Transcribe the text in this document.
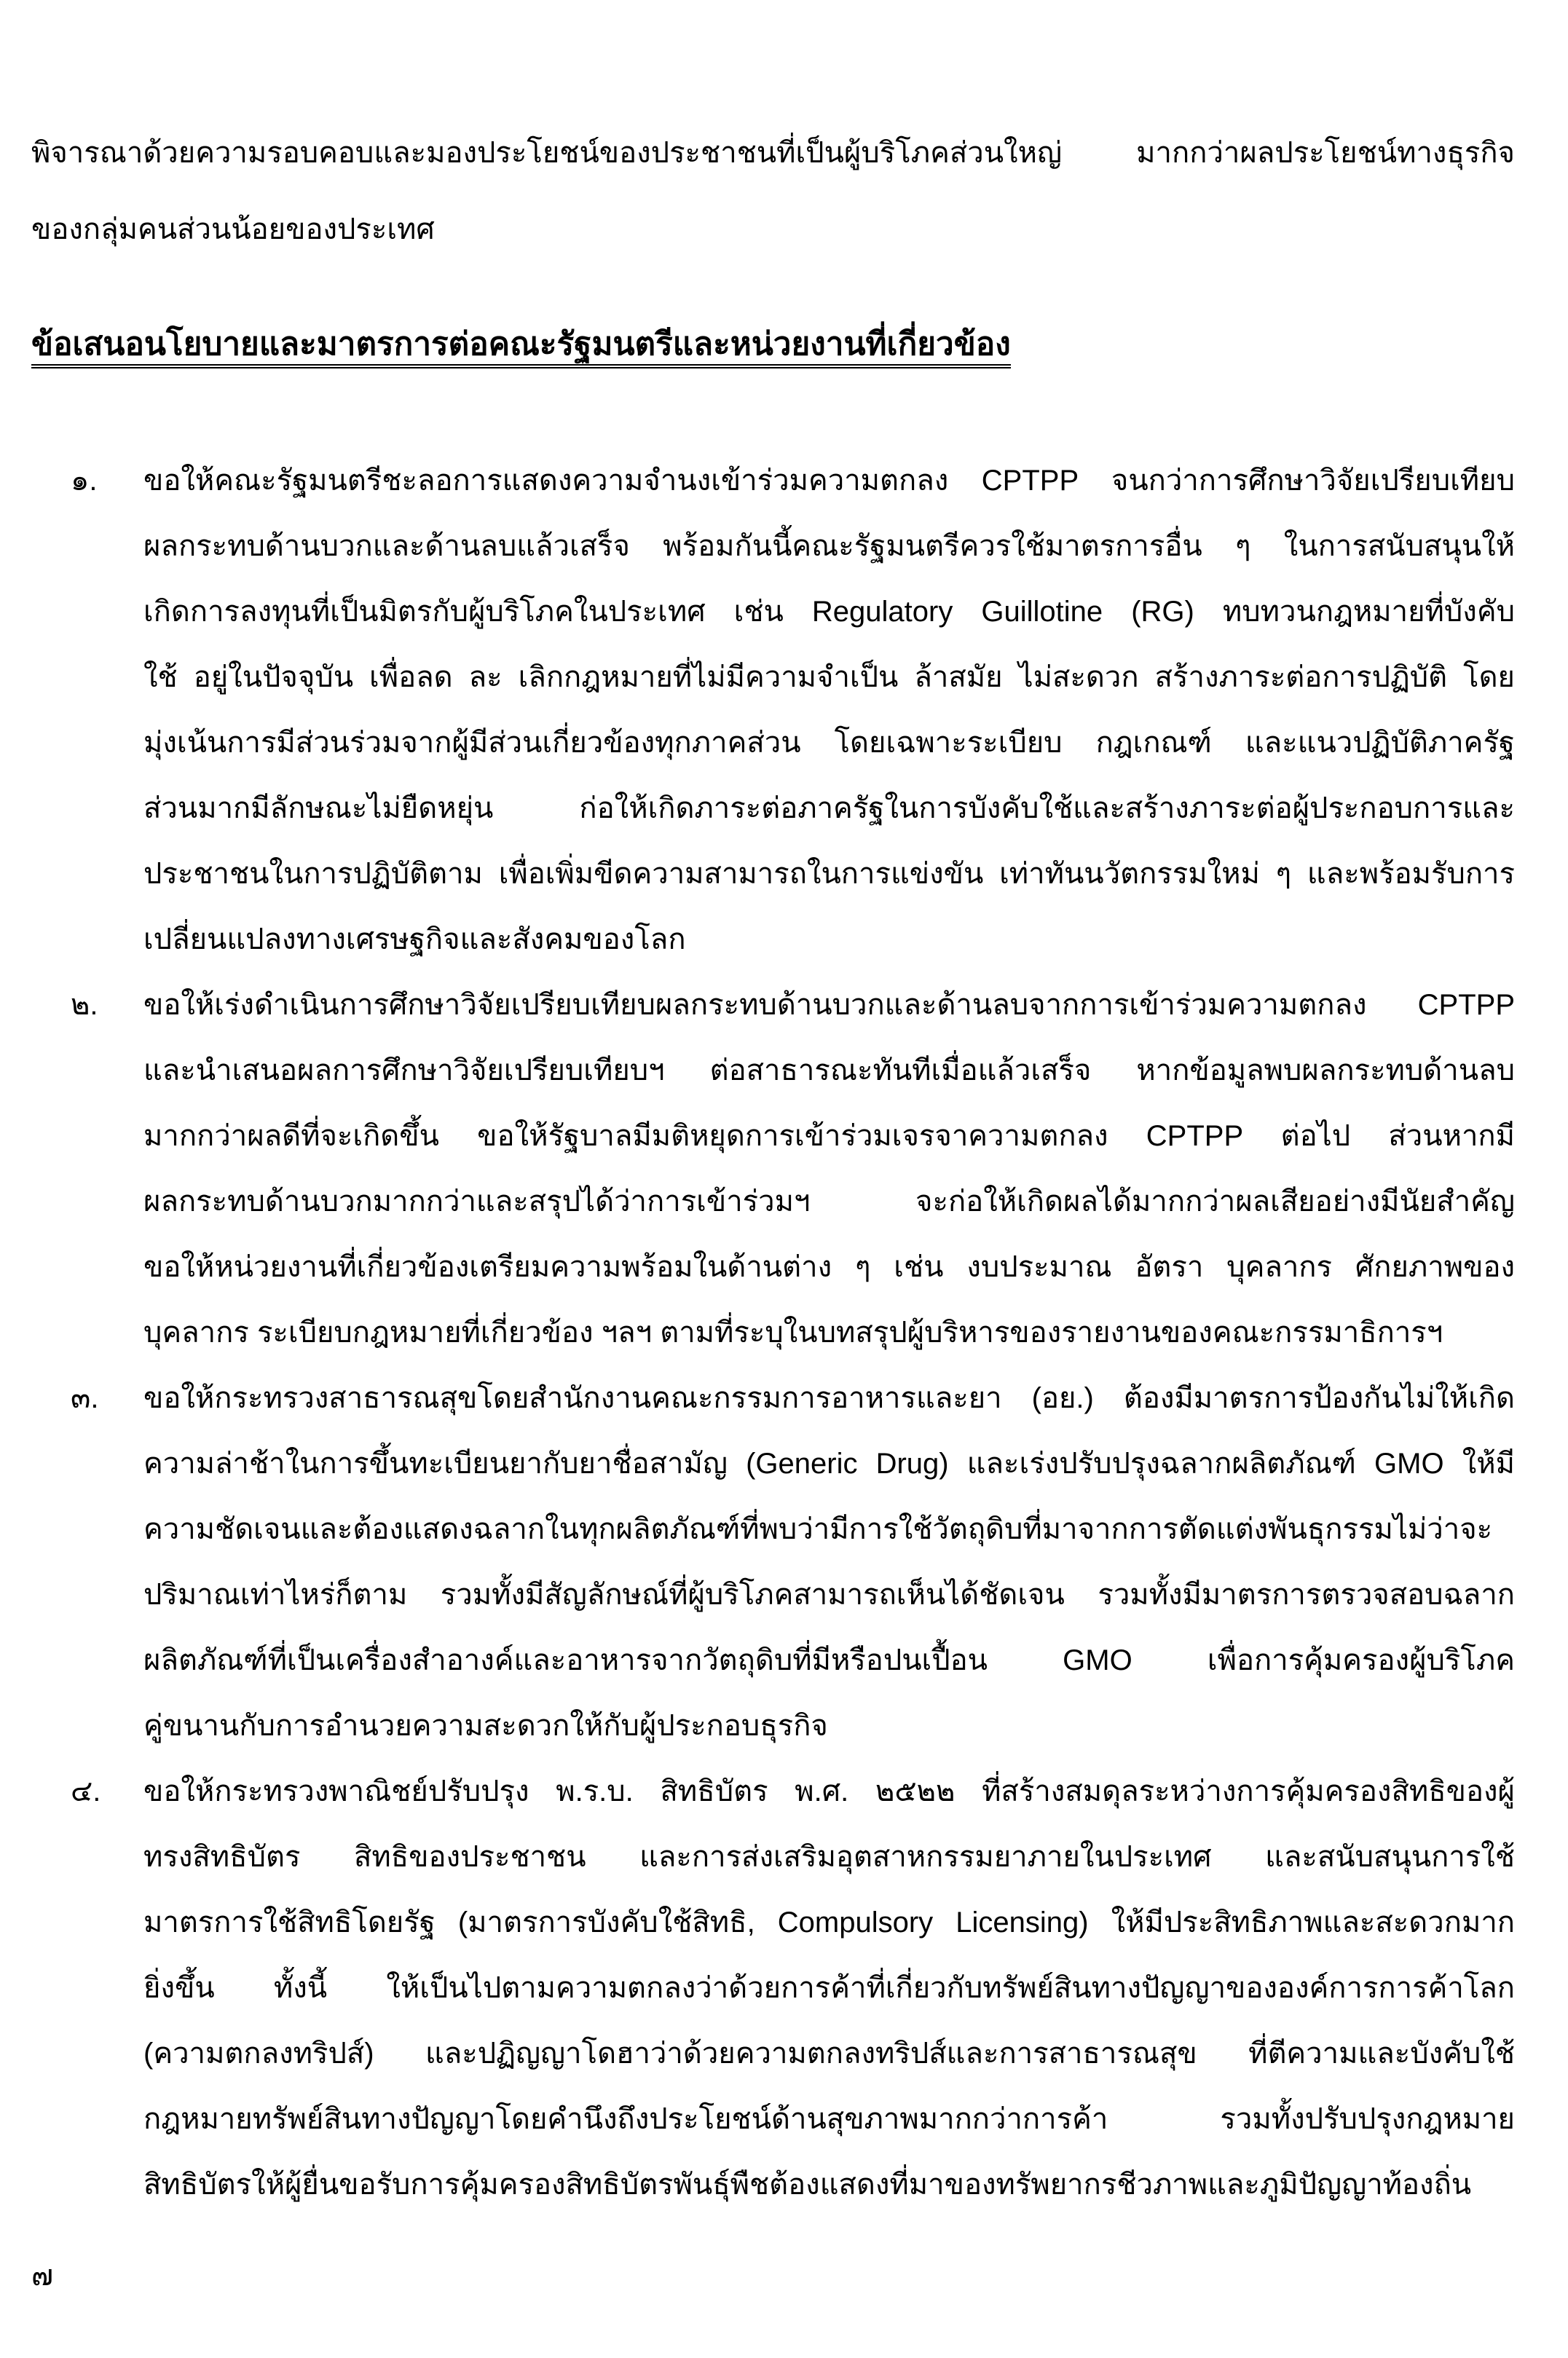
พิจารณาด้วยความรอบคอบและมองประโยชน์ของประชาชนที่เป็นผู้บริโภคส่วนใหญ่ มากกว่าผลประโยชน์ทางธุรกิจ
ของกลุ่มคนส่วนน้อยของประเทศ
ข้อเสนอนโยบายและมาตรการต่อคณะรัฐมนตรีและหน่วยงานที่เกี่ยวข้อง
๑.	ขอให้คณะรัฐมนตรีชะลอการแสดงความจำนงเข้าร่วมความตกลง CPTPP จนกว่าการศึกษาวิจัยเปรียบเทียบ
ผลกระทบด้านบวกและด้านลบแล้วเสร็จ พร้อมกันนี้คณะรัฐมนตรีควรใช้มาตรการอื่น ๆ ในการสนับสนุนให้
เกิดการลงทุนที่เป็นมิตรกับผู้บริโภคในประเทศ เช่น Regulatory Guillotine (RG) ทบทวนกฎหมายที่บังคับ
ใช้ อยู่ในปัจจุบัน เพื่อลด ละ เลิกกฎหมายที่ไม่มีความจำเป็น ล้าสมัย ไม่สะดวก สร้างภาระต่อการปฏิบัติ โดย
มุ่งเน้นการมีส่วนร่วมจากผู้มีส่วนเกี่ยวข้องทุกภาคส่วน โดยเฉพาะระเบียบ กฎเกณฑ์ และแนวปฏิบัติภาครัฐ
ส่วนมากมีลักษณะไม่ยืดหยุ่น ก่อให้เกิดภาระต่อภาครัฐในการบังคับใช้และสร้างภาระต่อผู้ประกอบการและ
ประชาชนในการปฏิบัติตาม เพื่อเพิ่มขีดความสามารถในการแข่งขัน เท่าทันนวัตกรรมใหม่ ๆ และพร้อมรับการ
เปลี่ยนแปลงทางเศรษฐกิจและสังคมของโลก
๒.	ขอให้เร่งดำเนินการศึกษาวิจัยเปรียบเทียบผลกระทบด้านบวกและด้านลบจากการเข้าร่วมความตกลง CPTPP
และนำเสนอผลการศึกษาวิจัยเปรียบเทียบฯ ต่อสาธารณะทันทีเมื่อแล้วเสร็จ หากข้อมูลพบผลกระทบด้านลบ
มากกว่าผลดีที่จะเกิดขึ้น ขอให้รัฐบาลมีมติหยุดการเข้าร่วมเจรจาความตกลง CPTPP ต่อไป ส่วนหากมี
ผลกระทบด้านบวกมากกว่าและสรุปได้ว่าการเข้าร่วมฯ จะก่อให้เกิดผลได้มากกว่าผลเสียอย่างมีนัยสำคัญ
ขอให้หน่วยงานที่เกี่ยวข้องเตรียมความพร้อมในด้านต่าง ๆ เช่น งบประมาณ อัตรา บุคลากร ศักยภาพของ
บุคลากร ระเบียบกฎหมายที่เกี่ยวข้อง ฯลฯ ตามที่ระบุในบทสรุปผู้บริหารของรายงานของคณะกรรมาธิการฯ
๓.	ขอให้กระทรวงสาธารณสุขโดยสำนักงานคณะกรรมการอาหารและยา (อย.) ต้องมีมาตรการป้องกันไม่ให้เกิด
ความล่าช้าในการขึ้นทะเบียนยากับยาชื่อสามัญ (Generic Drug) และเร่งปรับปรุงฉลากผลิตภัณฑ์ GMO ให้มี
ความชัดเจนและต้องแสดงฉลากในทุกผลิตภัณฑ์ที่พบว่ามีการใช้วัตถุดิบที่มาจากการตัดแต่งพันธุกรรมไม่ว่าจะ
ปริมาณเท่าไหร่ก็ตาม รวมทั้งมีสัญลักษณ์ที่ผู้บริโภคสามารถเห็นได้ชัดเจน รวมทั้งมีมาตรการตรวจสอบฉลาก
ผลิตภัณฑ์ที่เป็นเครื่องสำอางค์และอาหารจากวัตถุดิบที่มีหรือปนเปื้อน GMO เพื่อการคุ้มครองผู้บริโภค
คู่ขนานกับการอำนวยความสะดวกให้กับผู้ประกอบธุรกิจ
๔.	ขอให้กระทรวงพาณิชย์ปรับปรุง พ.ร.บ. สิทธิบัตร พ.ศ. ๒๕๒๒ ที่สร้างสมดุลระหว่างการคุ้มครองสิทธิของผู้
ทรงสิทธิบัตร สิทธิของประชาชน และการส่งเสริมอุตสาหกรรมยาภายในประเทศ และสนับสนุนการใช้
มาตรการใช้สิทธิโดยรัฐ (มาตรการบังคับใช้สิทธิ, Compulsory Licensing) ให้มีประสิทธิภาพและสะดวกมาก
ยิ่งขึ้น ทั้งนี้ ให้เป็นไปตามความตกลงว่าด้วยการค้าที่เกี่ยวกับทรัพย์สินทางปัญญาขององค์การการค้าโลก
(ความตกลงทริปส์) และปฏิญญาโดฮาว่าด้วยความตกลงทริปส์และการสาธารณสุข ที่ตีความและบังคับใช้
กฎหมายทรัพย์สินทางปัญญาโดยคำนึงถึงประโยชน์ด้านสุขภาพมากกว่าการค้า รวมทั้งปรับปรุงกฎหมาย
สิทธิบัตรให้ผู้ยื่นขอรับการคุ้มครองสิทธิบัตรพันธุ์พืชต้องแสดงที่มาของทรัพยากรชีวภาพและภูมิปัญญาท้องถิ่น
๗
